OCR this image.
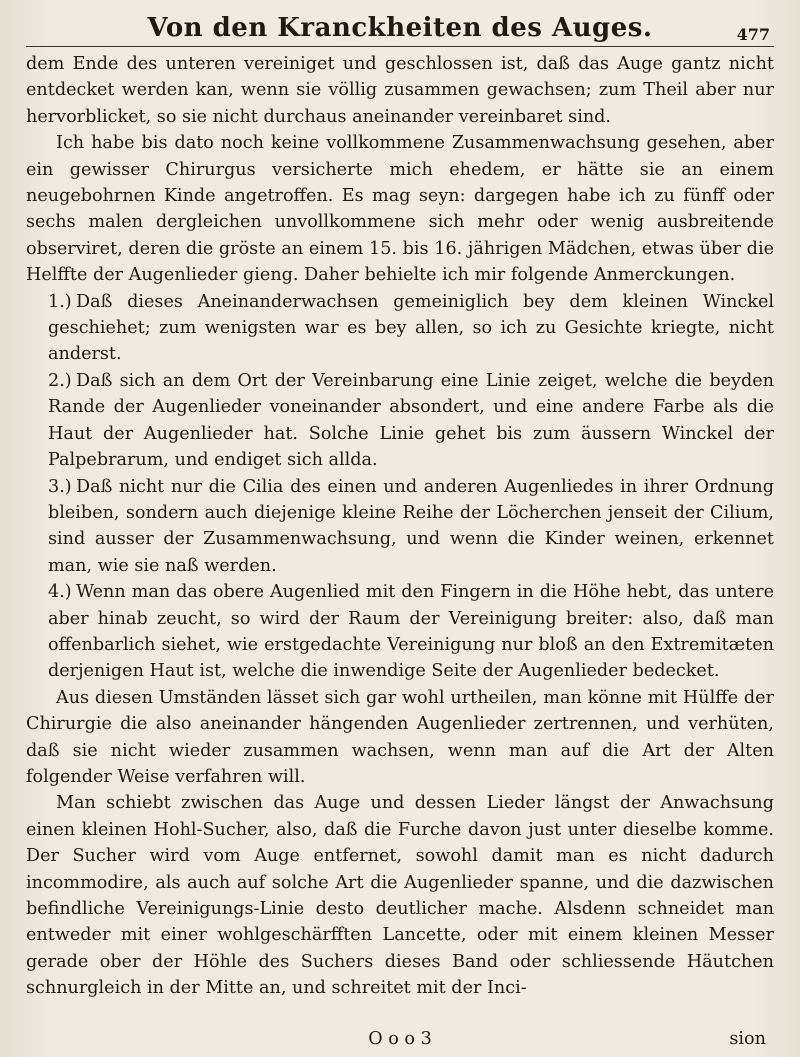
Von den Kranckheiten des Auges.	477

dem Ende des unteren vereiniget und geschlossen ist, daß das Auge gantz nicht entdecket werden kan, wenn sie völlig zusammen gewachsen; zum Theil aber nur hervorblicket, so sie nicht durchaus aneinander vereinbaret sind.

Ich habe bis dato noch keine vollkommene Zusammenwachsung gesehen, aber ein gewisser Chirurgus versicherte mich ehedem, er hätte sie an einem neugebohrnen Kinde angetroffen. Es mag seyn: dargegen habe ich zu fünff oder sechs malen dergleichen unvollkommene sich mehr oder wenig ausbreitende observiret, deren die gröste an einem 15. bis 16. jährigen Mädchen, etwas über die Helffte der Augenlieder gieng. Daher behielte ich mir folgende Anmerckungen.

1.) Daß dieses Aneinanderwachsen gemeiniglich bey dem kleinen Winckel geschiehet; zum wenigsten war es bey allen, so ich zu Gesichte kriegte, nicht anderst.

2.) Daß sich an dem Ort der Vereinbarung eine Linie zeiget, welche die beyden Rande der Augenlieder voneinander absondert, und eine andere Farbe als die Haut der Augenlieder hat. Solche Linie gehet bis zum äussern Winckel der Palpebrarum, und endiget sich allda.

3.) Daß nicht nur die Cilia des einen und anderen Augenliedes in ihrer Ordnung bleiben, sondern auch diejenige kleine Reihe der Löcherchen jenseit der Cilium, sind ausser der Zusammenwachsung, und wenn die Kinder weinen, erkennet man, wie sie naß werden.

4.) Wenn man das obere Augenlied mit den Fingern in die Höhe hebt, das untere aber hinab zeucht, so wird der Raum der Vereinigung breiter: also, daß man offenbarlich siehet, wie erstgedachte Vereinigung nur bloß an den Extremitæten derjenigen Haut ist, welche die inwendige Seite der Augenlieder bedecket.

Aus diesen Umständen lässet sich gar wohl urtheilen, man könne mit Hülffe der Chirurgie die also aneinander hängenden Augenlieder zertrennen, und verhüten, daß sie nicht wieder zusammen wachsen, wenn man auf die Art der Alten folgender Weise verfahren will.

Man schiebt zwischen das Auge und dessen Lieder längst der Anwachsung einen kleinen Hohl-Sucher, also, daß die Furche davon just unter dieselbe komme. Der Sucher wird vom Auge entfernet, sowohl damit man es nicht dadurch incommodire, als auch auf solche Art die Augenlieder spanne, und die dazwischen befindliche Vereinigungs-Linie desto deutlicher mache. Alsdenn schneidet man entweder mit einer wohlgeschärfften Lancette, oder mit einem kleinen Messer gerade ober der Höhle des Suchers dieses Band oder schliessende Häutchen schnurgleich in der Mitte an, und schreitet mit der Inci-

O o o 3	sion
